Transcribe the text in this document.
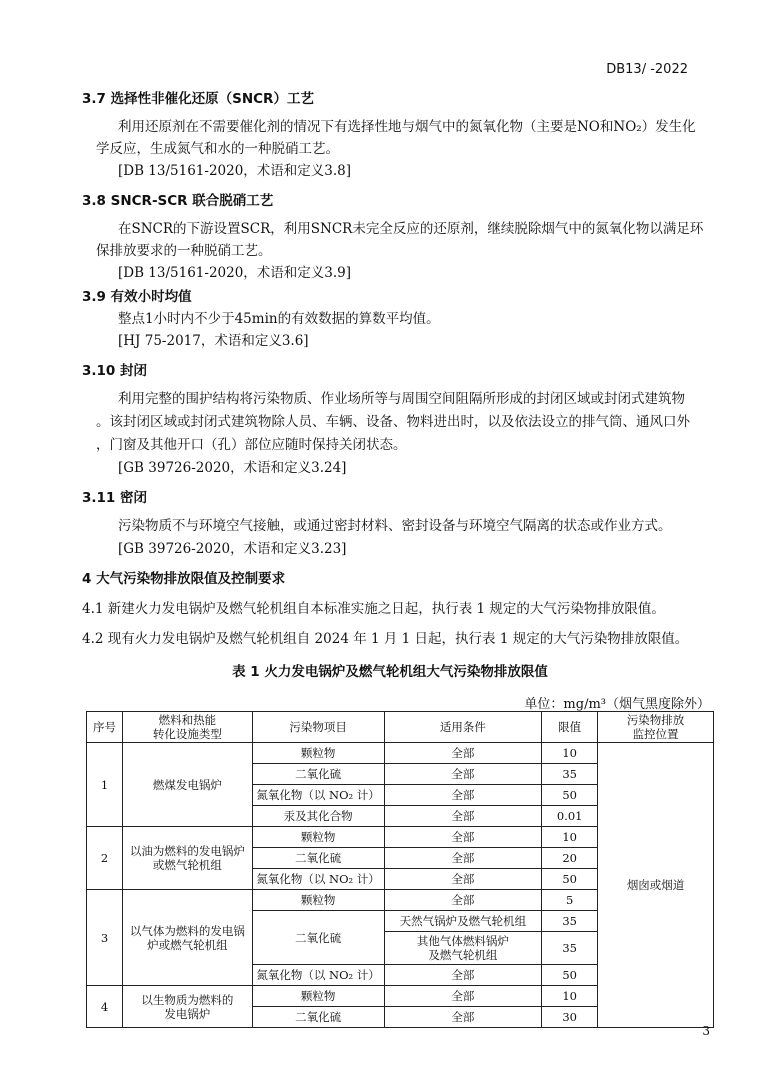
DB13/ -2022
3.7 选择性非催化还原（SNCR）工艺
利用还原剂在不需要催化剂的情况下有选择性地与烟气中的氮氧化物（主要是NO和NO₂）发生化
学反应，生成氮气和水的一种脱硝工艺。
[DB 13/5161-2020，术语和定义3.8]
3.8 SNCR-SCR 联合脱硝工艺
在SNCR的下游设置SCR，利用SNCR未完全反应的还原剂，继续脱除烟气中的氮氧化物以满足环
保排放要求的一种脱硝工艺。
[DB 13/5161-2020，术语和定义3.9]
3.9 有效小时均值
整点1小时内不少于45min的有效数据的算数平均值。
[HJ 75-2017，术语和定义3.6]
3.10 封闭
利用完整的围护结构将污染物质、作业场所等与周围空间阻隔所形成的封闭区域或封闭式建筑物
。该封闭区域或封闭式建筑物除人员、车辆、设备、物料进出时，以及依法设立的排气筒、通风口外
，门窗及其他开口（孔）部位应随时保持关闭状态。
[GB 39726-2020，术语和定义3.24]
3.11 密闭
污染物质不与环境空气接触，或通过密封材料、密封设备与环境空气隔离的状态或作业方式。
[GB 39726-2020，术语和定义3.23]
4 大气污染物排放限值及控制要求
4.1 新建火力发电锅炉及燃气轮机组自本标准实施之日起，执行表 1 规定的大气污染物排放限值。
4.2 现有火力发电锅炉及燃气轮机组自 2024 年 1 月 1 日起，执行表 1 规定的大气污染物排放限值。
表 1 火力发电锅炉及燃气轮机组大气污染物排放限值
单位：mg/m³（烟气黑度除外）
序号	燃料和热能
转化设施类型	污染物项目	适用条件	限值	污染物排放
监控位置
1	燃煤发电锅炉	颗粒物	全部	10	烟囱或烟道
		二氧化硫	全部	35	
		氮氧化物（以 NO₂ 计）	全部	50	
		汞及其化合物	全部	0.01	
2	以油为燃料的发电锅炉
或燃气轮机组	颗粒物	全部	10	
		二氧化硫	全部	20	
		氮氧化物（以 NO₂ 计）	全部	50	
3	以气体为燃料的发电锅
炉或燃气轮机组	颗粒物	全部	5	
		二氧化硫	天然气锅炉及燃气轮机组	35	
			其他气体燃料锅炉
及燃气轮机组	35	
		氮氧化物（以 NO₂ 计）	全部	50	
4	以生物质为燃料的
发电锅炉	颗粒物	全部	10	
		二氧化硫	全部	30	
3
